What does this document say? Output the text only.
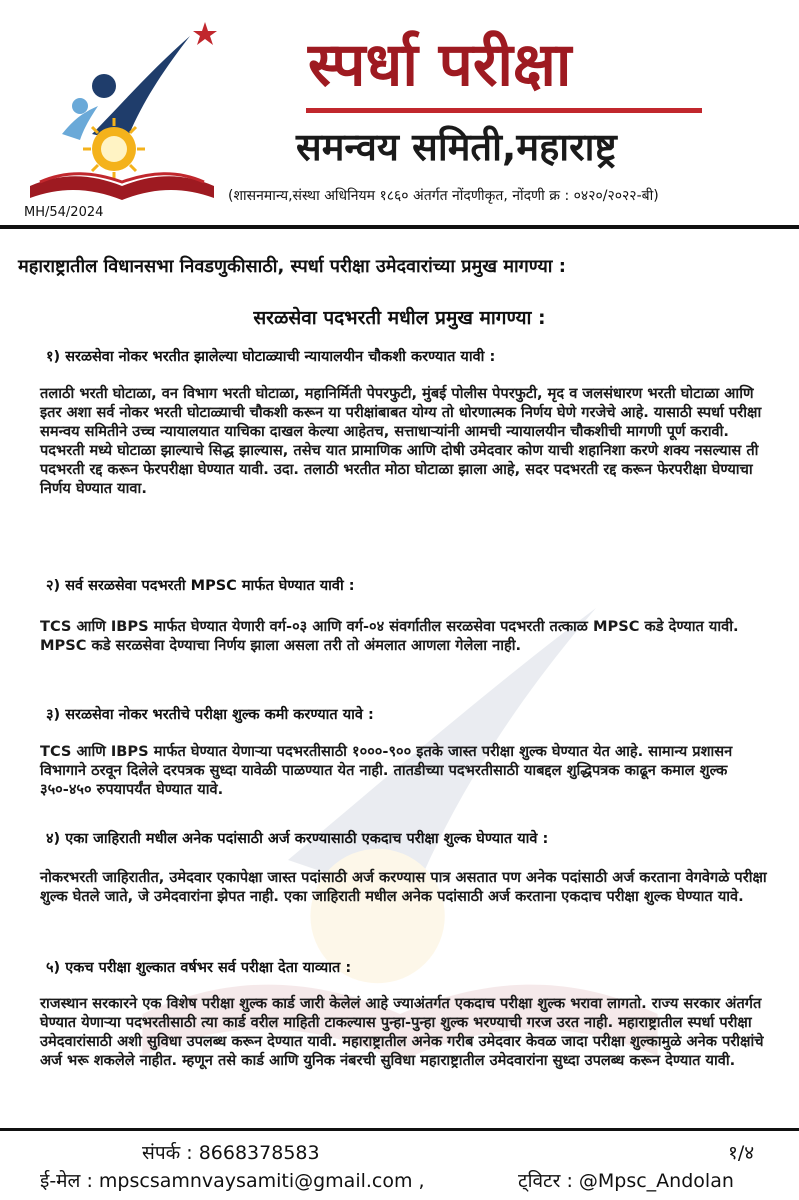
MH/54/2024
स्पर्धा परीक्षा
समन्वय समिती,महाराष्ट्र
(शासनमान्य,संस्था अधिनियम १८६० अंतर्गत नोंदणीकृत, नोंदणी क्र : ०४२०/२०२२-बी)
महाराष्ट्रातील विधानसभा निवडणुकीसाठी, स्पर्धा परीक्षा उमेदवारांच्या प्रमुख मागण्या :
सरळसेवा पदभरती मधील प्रमुख मागण्या :
१) सरळसेवा नोकर भरतीत झालेल्या घोटाळ्याची न्यायालयीन चौकशी करण्यात यावी :
तलाठी भरती घोटाळा, वन विभाग भरती घोटाळा, महानिर्मिती पेपरफुटी, मुंबई पोलीस पेपरफुटी, मृद व जलसंधारण भरती घोटाळा आणि इतर अशा सर्व नोकर भरती घोटाळ्याची चौकशी करून या परीक्षांबाबत योग्य तो धोरणात्मक निर्णय घेणे गरजेचे आहे. यासाठी स्पर्धा परीक्षा समन्वय समितीने उच्च न्यायालयात याचिका दाखल केल्या आहेतच, सत्ताधाऱ्यांनी आमची न्यायालयीन चौकशीची मागणी पूर्ण करावी. पदभरती मध्ये घोटाळा झाल्याचे सिद्ध झाल्यास, तसेच यात प्रामाणिक आणि दोषी उमेदवार कोण याची शहानिशा करणे शक्य नसल्यास ती पदभरती रद्द करून फेरपरीक्षा घेण्यात यावी. उदा. तलाठी भरतीत मोठा घोटाळा झाला आहे, सदर पदभरती रद्द करून फेरपरीक्षा घेण्याचा निर्णय घेण्यात यावा.
२) सर्व सरळसेवा पदभरती MPSC मार्फत घेण्यात यावी :
TCS आणि IBPS मार्फत घेण्यात येणारी वर्ग-०३ आणि वर्ग-०४ संवर्गातील सरळसेवा पदभरती तत्काळ MPSC कडे देण्यात यावी. MPSC कडे सरळसेवा देण्याचा निर्णय झाला असला तरी तो अंमलात आणला गेलेला नाही.
३) सरळसेवा नोकर भरतीचे परीक्षा शुल्क कमी करण्यात यावे :
TCS आणि IBPS मार्फत घेण्यात येणाऱ्या पदभरतीसाठी १०००-९०० इतके जास्त परीक्षा शुल्क घेण्यात येत आहे. सामान्य प्रशासन विभागाने ठरवून दिलेले दरपत्रक सुध्दा यावेळी पाळण्यात येत नाही. तातडीच्या पदभरतीसाठी याबद्दल शुद्धिपत्रक काढून कमाल शुल्क ३५०-४५० रुपयापर्यंत घेण्यात यावे.
४) एका जाहिराती मधील अनेक पदांसाठी अर्ज करण्यासाठी एकदाच परीक्षा शुल्क घेण्यात यावे :
नोकरभरती जाहिरातीत, उमेदवार एकापेक्षा जास्त पदांसाठी अर्ज करण्यास पात्र असतात पण अनेक पदांसाठी अर्ज करताना वेगवेगळे परीक्षा शुल्क घेतले जाते, जे उमेदवारांना झेपत नाही. एका जाहिराती मधील अनेक पदांसाठी अर्ज करताना एकदाच परीक्षा शुल्क घेण्यात यावे.
५) एकच परीक्षा शुल्कात वर्षभर सर्व परीक्षा देता याव्यात :
राजस्थान सरकारने एक विशेष परीक्षा शुल्क कार्ड जारी केलेलं आहे ज्याअंतर्गत एकदाच परीक्षा शुल्क भरावा लागतो. राज्य सरकार अंतर्गत घेण्यात येणाऱ्या पदभरतीसाठी त्या कार्ड वरील माहिती टाकल्यास पुन्हा-पुन्हा शुल्क भरण्याची गरज उरत नाही. महाराष्ट्रातील स्पर्धा परीक्षा उमेदवारांसाठी अशी सुविधा उपलब्ध करून देण्यात यावी. महाराष्ट्रातील अनेक गरीब उमेदवार केवळ जादा परीक्षा शुल्कामुळे अनेक परीक्षांचे अर्ज भरू शकलेले नाहीत. म्हणून तसे कार्ड आणि युनिक नंबरची सुविधा महाराष्ट्रातील उमेदवारांना सुध्दा उपलब्ध करून देण्यात यावी.
संपर्क : 8668378583	१/४
ई-मेल : mpscsamnvaysamiti@gmail.com ,	ट्विटर : @Mpsc_Andolan
